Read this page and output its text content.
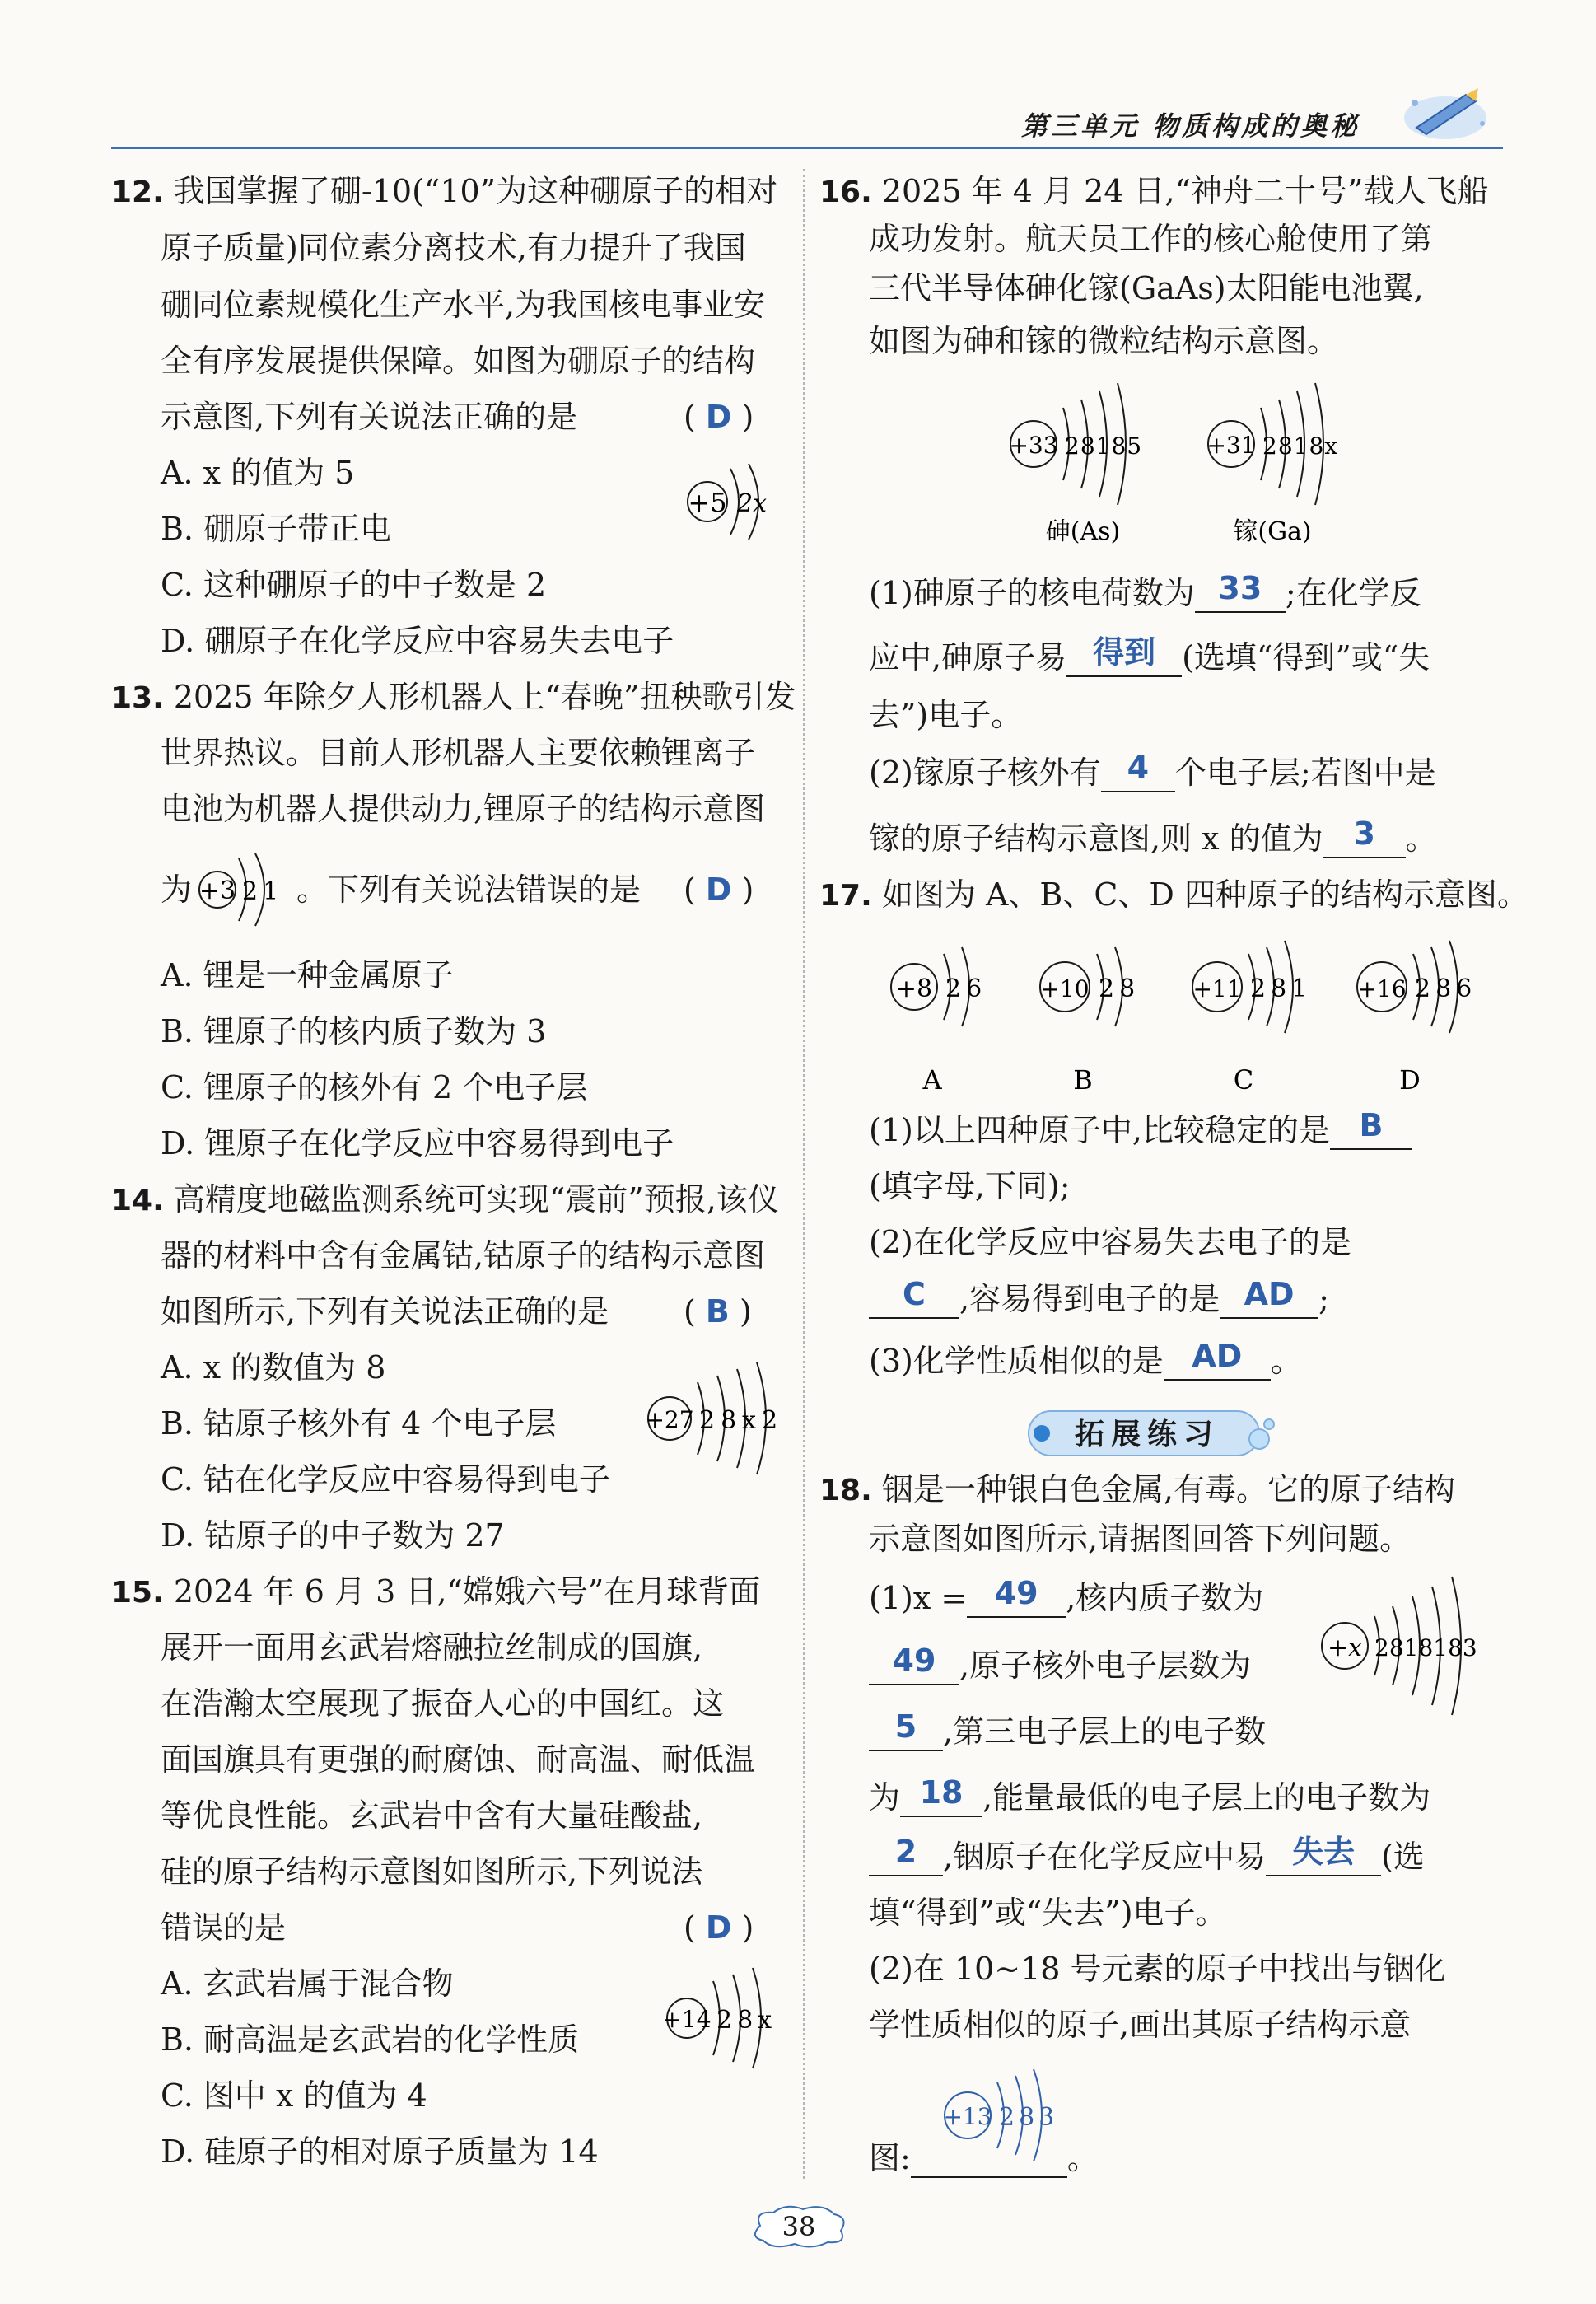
第三单元 物质构成的奥秘
12. 我国掌握了硼-10(“10”为这种硼原子的相对
原子质量)同位素分离技术,有力提升了我国
硼同位素规模化生产水平,为我国核电事业安
全有序发展提供保障。如图为硼原子的结构
示意图,下列有关说法正确的是	( D )
A. x 的值为 5
B. 硼原子带正电
C. 这种硼原子的中子数是 2
D. 硼原子在化学反应中容易失去电子
+5 2x
13. 2025 年除夕人形机器人上“春晚”扭秧歌引发
世界热议。目前人形机器人主要依赖锂离子
电池为机器人提供动力,锂原子的结构示意图
为 +3 21 。下列有关说法错误的是 ( D )
A. 锂是一种金属原子
B. 锂原子的核内质子数为 3
C. 锂原子的核外有 2 个电子层
D. 锂原子在化学反应中容易得到电子
14. 高精度地磁监测系统可实现“震前”预报,该仪
器的材料中含有金属钴,钴原子的结构示意图
如图所示,下列有关说法正确的是 ( B )
A. x 的数值为 8
B. 钴原子核外有 4 个电子层
C. 钴在化学反应中容易得到电子
D. 钴原子的中子数为 27
+27 28x2
15. 2024 年 6 月 3 日,“嫦娥六号”在月球背面
展开一面用玄武岩熔融拉丝制成的国旗,
在浩瀚太空展现了振奋人心的中国红。这
面国旗具有更强的耐腐蚀、耐高温、耐低温
等优良性能。玄武岩中含有大量硅酸盐,
硅的原子结构示意图如图所示,下列说法
错误的是	( D )
A. 玄武岩属于混合物
B. 耐高温是玄武岩的化学性质
C. 图中 x 的值为 4
D. 硅原子的相对原子质量为 14
+14 28x
16. 2025 年 4 月 24 日,“神舟二十号”载人飞船
成功发射。航天员工作的核心舱使用了第
三代半导体砷化镓(GaAs)太阳能电池翼,
如图为砷和镓的微粒结构示意图。
+33 28185
砷(As)
+31 2818x
镓(Ga)
(1)砷原子的核电荷数为 33 ;在化学反
应中,砷原子易 得到 (选填“得到”或“失
去”)电子。
(2)镓原子核外有 4 个电子层;若图中是
镓的原子结构示意图,则 x 的值为 3 。
17. 如图为 A、B、C、D 四种原子的结构示意图。
+8 26
A
+10 28
B
+11 281
C
+16 286
D
(1)以上四种原子中,比较稳定的是 B
(填字母,下同);
(2)在化学反应中容易失去电子的是
C ,容易得到电子的是 AD ;
(3)化学性质相似的是 AD 。
拓展练习
18. 铟是一种银白色金属,有毒。它的原子结构
示意图如图所示,请据图回答下列问题。
(1)x = 49 ,核内质子数为
49 ,原子核外电子层数为
5 ,第三电子层上的电子数
为 18 ,能量最低的电子层上的电子数为
2 ,铟原子在化学反应中易 失去 (选
填“得到”或“失去”)电子。
+x 2818183
(2)在 10~18 号元素的原子中找出与铟化
学性质相似的原子,画出其原子结构示意
+13 283
图:	。
38
